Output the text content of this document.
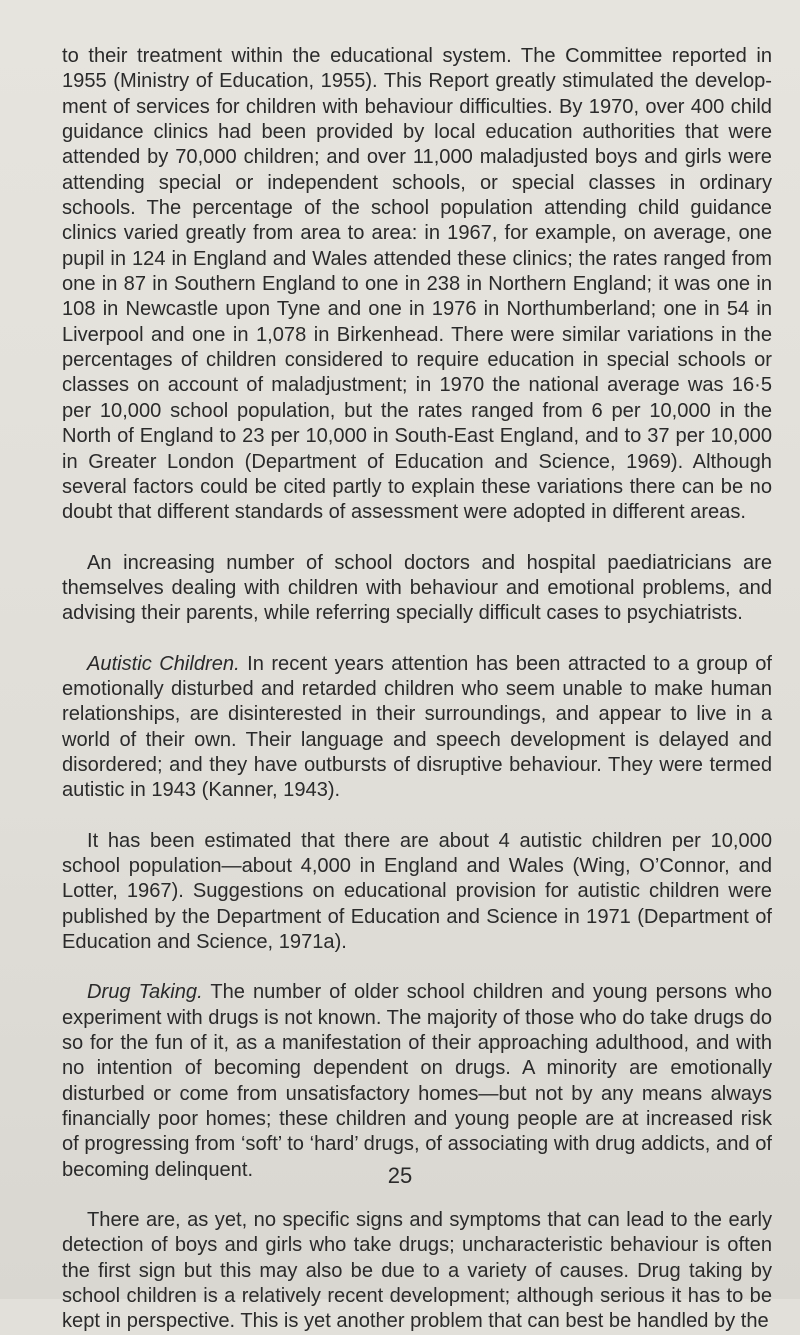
to their treatment within the educational system. The Committee reported in 1955 (Ministry of Education, 1955). This Report greatly stimulated the develop-ment of services for children with behaviour difficulties. By 1970, over 400 child guidance clinics had been provided by local education authorities that were attended by 70,000 children; and over 11,000 maladjusted boys and girls were attending special or independent schools, or special classes in ordinary schools. The percentage of the school population attending child guidance clinics varied greatly from area to area: in 1967, for example, on average, one pupil in 124 in England and Wales attended these clinics; the rates ranged from one in 87 in Southern England to one in 238 in Northern England; it was one in 108 in Newcastle upon Tyne and one in 1976 in Northumberland; one in 54 in Liverpool and one in 1,078 in Birkenhead. There were similar variations in the percentages of children considered to require education in special schools or classes on account of maladjustment; in 1970 the national average was 16·5 per 10,000 school population, but the rates ranged from 6 per 10,000 in the North of England to 23 per 10,000 in South-East England, and to 37 per 10,000 in Greater London (Department of Education and Science, 1969). Although several factors could be cited partly to explain these variations there can be no doubt that different standards of assessment were adopted in different areas.

An increasing number of school doctors and hospital paediatricians are themselves dealing with children with behaviour and emotional problems, and advising their parents, while referring specially difficult cases to psychiatrists.

Autistic Children. In recent years attention has been attracted to a group of emotionally disturbed and retarded children who seem unable to make human relationships, are disinterested in their surroundings, and appear to live in a world of their own. Their language and speech development is delayed and disordered; and they have outbursts of disruptive behaviour. They were termed autistic in 1943 (Kanner, 1943).

It has been estimated that there are about 4 autistic children per 10,000 school population—about 4,000 in England and Wales (Wing, O’Connor, and Lotter, 1967). Suggestions on educational provision for autistic children were published by the Department of Education and Science in 1971 (Department of Education and Science, 1971a).

Drug Taking. The number of older school children and young persons who experiment with drugs is not known. The majority of those who do take drugs do so for the fun of it, as a manifestation of their approaching adulthood, and with no intention of becoming dependent on drugs. A minority are emotionally disturbed or come from unsatisfactory homes—but not by any means always financially poor homes; these children and young people are at increased risk of progressing from ‘soft’ to ‘hard’ drugs, of associating with drug addicts, and of becoming delinquent.

There are, as yet, no specific signs and symptoms that can lead to the early detection of boys and girls who take drugs; uncharacteristic behaviour is often the first sign but this may also be due to a variety of causes. Drug taking by school children is a relatively recent development; although serious it has to be kept in perspective. This is yet another problem that can best be handled by the

25
